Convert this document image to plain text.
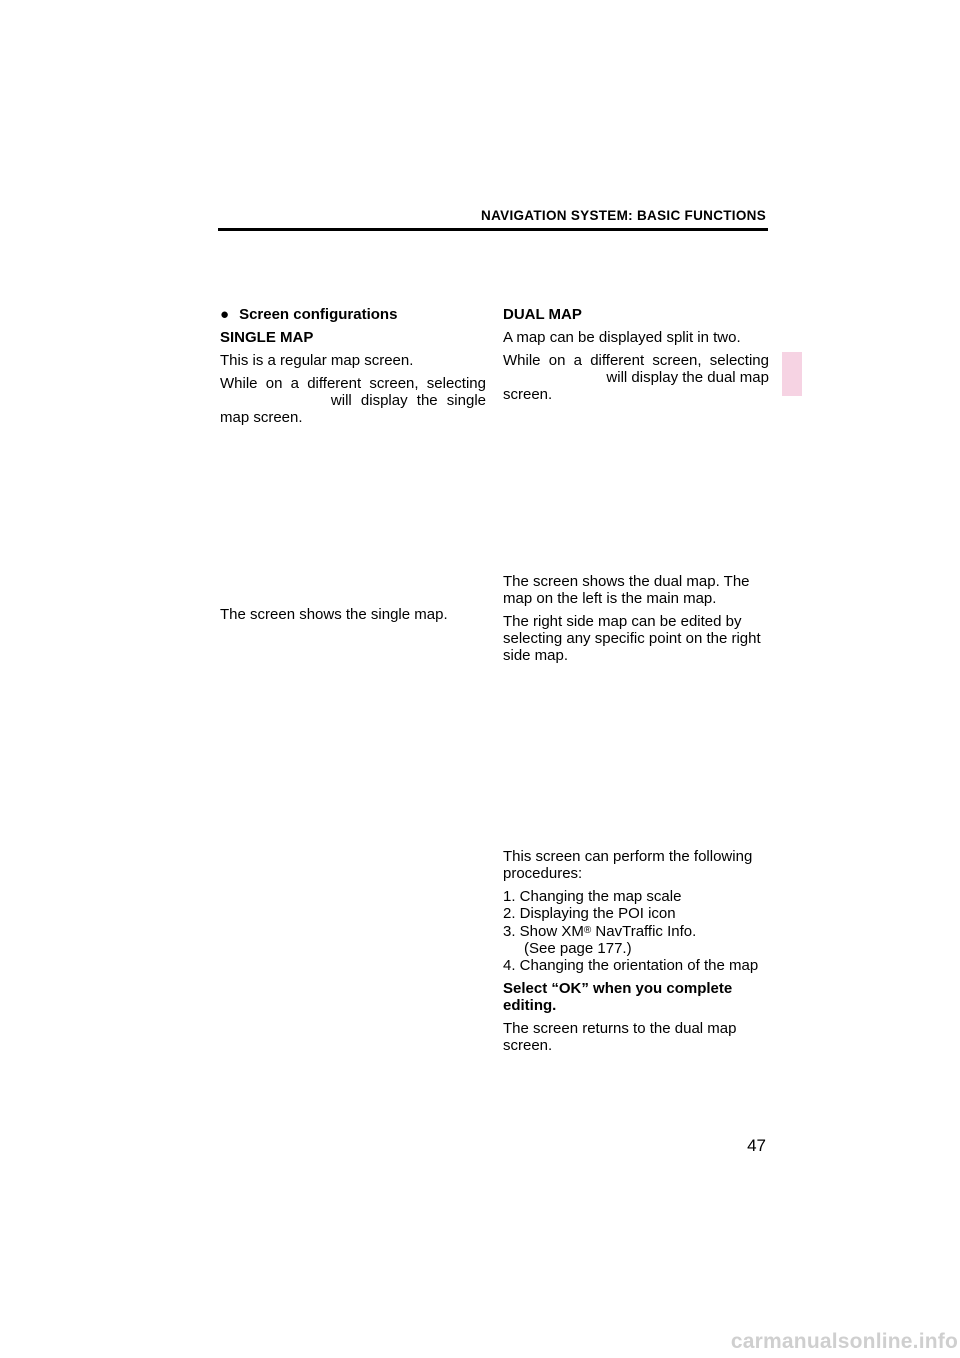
NAVIGATION SYSTEM: BASIC FUNCTIONS

● Screen configurations

SINGLE MAP

This is a regular map screen.

While on a different screen, selecting
will display the single
map screen.

The screen shows the single map.

DUAL MAP

A map can be displayed split in two.

While on a different screen, selecting
will display the dual map
screen.

The screen shows the dual map. The map on the left is the main map.

The right side map can be edited by selecting any specific point on the right side map.

This screen can perform the following procedures:

1. Changing the map scale
2. Displaying the POI icon
3. Show XM® NavTraffic Info.
(See page 177.)
4. Changing the orientation of the map

Select “OK” when you complete editing.

The screen returns to the dual map screen.

47
carmanualsonline.info
